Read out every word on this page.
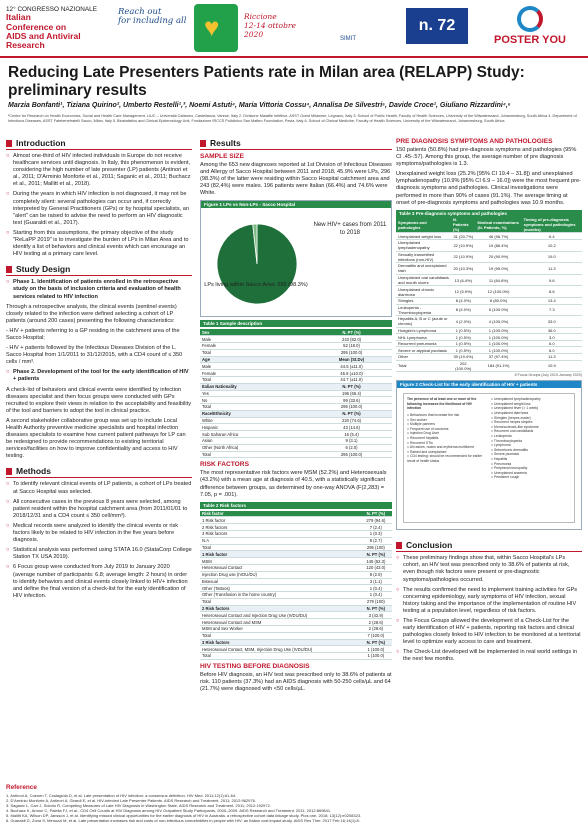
12° CONGRESSO NAZIONALE
Italian
Conference on
AIDS and Antiviral
Research
Reach out
for including all ♥	Riccione
12-14 ottobre
2020	SIMIT
n. 72
POSTER YOU
Reducing Late Presenters Patients rate in Milan area (RELAPP) Study: preliminary results
Marzia Bonfanti¹, Tiziana Quirino², Umberto Restelli¹,³, Noemi Astuti⁴, Maria Vittoria Cossu⁴, Annalisa De Silvestri⁵, Davide Croce¹, Giuliano Rizzardini⁴,⁶
¹Centre for Research on Health Economics, Social and Health Care Management, LIUC – Università Cattaneo, Castellanza, Varese, Italy 2. Divisione Malattie Infettive, ASST Ovest Milanese, Legnano, Italy 3. School of Public Health, Faculty of Health Sciences, University of the Witwatersrand, Johannesburg, South Africa 4. Department of Infectious Diseases, ASST Fatebenefratelli Sacco, Milan, Italy 5. Biostatistics and Clinical Epidemiology Unit, Fondazione IRCCS Policlinico San Matteo Foundation, Pavia, Italy 6. School of Clinical Medicine, Faculty of Health Sciences, University of the Witwatersrand, Johannesburg, South Africa
Introduction
○ Almost one-third of HIV infected individuals in Europe do not receive healthcare services until diagnosis. In Italy, this phenomenon is evident, considering the high number of late presenter (LP) patients (Antinori et al., 2011; D'Arminio Monforte et al., 2011; Saganic et al., 2011; Buchacz et al., 2011; Mallitt et al., 2018).
○ During the years in which HIV infection is not diagnosed, it may not be completely silent: several pathologies can occur and, if correctly interpreted by General Practitioners (GPs) or by hospital specialists, an "alert" can be raised to advise the need to perform an HIV diagnostic test (Guaraldi et al., 2017).
○ Starting from this assumptions, the primary objective of the study "ReLaPP 2019" is to investigate the burden of LPs in Milan Area and to identify a list of behaviors and clinical events which can encourage an HIV testing at a primary care level.
Study Design
○ Phase 1. Identification of patients enrolled in the retrospective study on the basis of inclusion criteria and evaluation of health services related to HIV infection

Through a retrospective analysis, the clinical events (sentinel events) closely related to the infection were defined selecting a cohort of LP patients (around 200 cases) presenting the following characteristics:

- HIV + patients referring to a GP residing in the catchment area of the Sacco Hospital;

- HIV + patients followed by the Infectious Diseases Division of the L. Sacco Hospital from 1/1/2011 to 31/12/2015, with a CD4 count of ≤ 350 cells / mm³.

○ Phase 2. Development of the tool for the early identification of HIV + patients

A check-list of behaviors and clinical events were identified by infection diseases specialist and then focus groups were conducted with GPs recruited to explore their views in relation to the acceptability and feasibility of the tool and barriers to adopt the tool in clinical practice.

A second stakeholder collaborative group was set up to include Local Health Authority preventive medicine specialists and hospital infection diseases specialists to examine how current patient pathways for LP can be redesigned to provide recommendations to existing territorial services/facilities on how to improve confidentiality and access to HIV testing.

Methods
○ To identify relevant clinical events of LP patients, a cohort of LPs treated at Sacco Hospital was selected.
○ All consecutive cases in the previous 8 years were selected, among patient resident within the hospital catchment area (from 2011/01/01 to 2018/12/31 and a CD4 count ≤ 350 cell/mm³).
○ Medical records were analyzed to identify the clinical events or risk factors likely to be related to HIV infection in the five years before diagnosis.
○ Statistical analysis was performed using STATA 16.0 (StataCorp College Station TX USA 2019).
○ 6 Focus group were conducted from July 2019 to January 2020 (average number of participants: 6.8; average length: 2 hours) in order to identify behaviors and clinical events closely linked to HIV+ infection and define the final version of a check-list for the early identification of HIV infection.
Results
SAMPLE SIZE

Among the 653 new diagnoses reported at 1st Division of Infectious Diseases and Allergy of Sacco Hospital between 2011 and 2018, 45.9% were LPs, 296 (98.3%) of the latter were residing within Sacco Hospital catchment area and 243 (82,4%) were males. 196 patients were Italian (66.4%) and 74.6% were White.

Figure 1 LPs vs Non-LPs - Sacco Hospital
New HIV+ cases from 2011 to 2018
LPs living within Sacco Area: 295 (98.3%)
Table 1 Sample description
Sex	N. PT (%)
Male	243 (82.0)
Female	52 (18.0)
Total	295 (100.0)
Age	Mean (St.Dv)
Male	44.5 (±11.0)
Female	45.9 (±10.0)
Total	44.7 (±11.0)
Italian Nationality	N. PT (%)
Yes	196 (66.4)
No	99 (33.6)
Total	295 (100.0)
Race/Ethnicity	N. PT (%)
White	220 (74.6)
Hispanic	43 (14.6)
Sub Saharan Africa	16 (5.4)
Asian	9 (3.1)
Other (North Africa)	6 (2.0)
Total	295 (100.0)
RISK FACTORS

The most representative risk factors were MSM (52.2%) and Heterosexuals (43.2%) with a mean age at diagnosis of 40.5, with a statistically significant difference between groups, as determined by one-way ANOVA (F(2,283) = 7.05, p = .001).

Table 2 Risk factors
Risk factor	N. PT (%)
1 Risk factor	279 (94.6)
2 Risk factors	7 (2.4)
3 Risk factors	1 (0.3)
N.A	8 (2.7)
Total	295 (100)
1 Risk factor	N. PT (%)
MSM	146 (52.3)
Heterosexual Contact	120 (43.0)
Injection Drug use (IVDU/DU)	8 (2.9)
Bisexual	3 (1.1)
Other (Tattoos)	1 (0.4)
Other (Transfusion in the home country)	1 (0.4)
Total	279 (100)
2 Risk factors	N. PT (%)
Heterosexual Contact and Injection Drug Use (IVDU/DU)	3 (42.9)
Heterosexual Contact and MSM	2 (28.6)
MSM and Sex Worker	2 (28.6)
Total	7 (100.0)
3 Risk factors	N. PT (%)
Heterosexual Contact, MSM, Injection Drug Use (IVDU/DU)	1 (100.0)
Total	1 (100.0)
HIV TESTING BEFORE DIAGNOSIS

Before HIV diagnosis, an HIV test was prescribed only to 38.6% of patients at risk. 110 patients (37.3%) had an AIDS diagnosis with 50-250 cells/µL and 64 (21.7%) were diagnosed with <50 cells/µL.

PRE DIAGNOSIS SYMPTOMS AND PATHOLOGIES

150 patients (50.8%) had pre-diagnosis symptoms and pathologies (95% CI .45-.57). Among this group, the average number of pre diagnosis symptoms/pathologies is 1.3.

Unexplained weight loss (25.2% [95% CI 19.4 – 31.8]) and unexplained lymphadenopathy (10.9% [95% CI 6.9 – 16.0]) were the most frequent pre-diagnosis symptoms and pathologies. Clinical investigations were performed in more than 90% of cases (91.1%). The average timing at onset of pre-diagnosis symptoms and pathologies was 10.9 months.

Table 3 Pre-diagnosis symptoms and pathologies
Symptoms and pathologies	N. Patients (%)	Medical examinations (N. Patients, %)	Timing of pre-diagnosis symptoms and pathologies (months)
Unexplained weight loss	31 (20.7%)	46 (96.7%)	6.4
Unexplained lymphadenopathy	22 (10.9%)	19 (86.4%)	10.2
Sexually transmitted infections (non-HIV)	22 (10.9%)	20 (90.9%)	19.0
Dermatitis and unexplained rash	20 (10.3%)	19 (95.0%)	11.3
Unexplained oral candidiasis and mouth ulcers	13 (6.4%)	11 (84.6%)	9.6
Unexplained chronic diarrhoea	12 (5.9%)	12 (100.0%)	8.6
Shingles	8 (4.0%)	8 (80.0%)	13.4
Leukopenia - Thrombocytopenia	8 (4.0%)	6 (100.0%)	7.3
Hepatitis A, B or C (acute or chronic)	4 (2.0%)	4 (100.0%)	33.0
Hodgkin's Lymphoma	1 (0.5%)	1 (100.0%)	36.0
NHL Lymphoma	1 (0.5%)	1 (100.0%)	3.0
Recurrent pneumonia	1 (0.5%)	1 (100.0%)	6.0
Severe or atypical psoriasis	1 (0.5%)	1 (100.0%)	6.0
Other	39 (19.4%)	37 (97.4%)	11.3
Total	202 (100.0%)	184 (91.1%)	10.9
8 Focus Groups (July 2019-January 2020)
Figure 2 Check-List for the early identification of HIV + patients
The presence of at least one or more of the following increases the likelihood of HIV infection
□ Behaviours that increase the risk
□ Sex worker
□ Multiple partners
□ Frequent use of condoms
□ Injection Drug User
□ Recurrent hepatitis
□ Recurrent STIs
□ All rashes, nodes and erythema multiforme
□ Raised and unexplained
□ CD4 testing: should be recommended for earlier result of health status
□ Unexplained lymphadenopathy
□ Unexplained weight loss
□ Unexplained fever (> 1 week)
□ Unexplained diarrhoea
□ Shingles (herpes zoster)
□ Recurrent herpes simplex
□ Mononucleosis-like syndrome
□ Recurrent oral candidiasis
□ Leukopenia
□ Thrombocytopenia
□ Lymphoma
□ Seborrhoeic dermatitis
□ Severe psoriasis
□ Hepatitis
□ Pneumonia
□ Peripheral neuropathy
□ Unexplained anaemia
□ Persistent cough
Conclusion
○ These preliminary findings show that, within Sacco Hospital's LPs cohort, an HIV test was prescribed only to 38.6% of patients at risk, even though risk factors were present or pre-diagnostic symptoms/pathologies occurred.
○ The results confirmed the need to implement training activities for GPs concerning epidemiology, early symptoms of HIV infection, sexual history taking and the importance of the implementation of routine HIV testing at a population level, regardless of risk factors.
○ The Focus Groups allowed the development of a Check-List for the early identification of HIV + patients, reporting risk factors and clinical pathologies closely linked to HIV infection to be monitored at a territorial level to optimize early access to care and treatment.
○ The Check-List developed will be implemented in real world settings in the next few months.
Reference
1. Antinori A, Coenen T, Costagiola D, et al. Late presentation of HIV infection: a consensus definition. HIV Med. 2011;12(1):61-64.
2. D'Arminio Monforte A, Antinori A, Girardi E, et al. HIV-infected Late Presenter Patients. AIDS Research and Treatment. 2011; 2012:962976.
3. Saganic L, Carr J, Solorio R, Competing Measures of Late HIV Diagnosis in Washington State, AIDS Research and Treatment. 2011; 2012:192972.
4. Buchacz K, Armon C, Palella FJ, et al., CD4 Cell Counts at HIV Diagnosis among HIV Outpatient Study Participants, 2000–2009. AIDS Research and Treatment. 2011; 2012:869841.
5. Mallitt KA, Wilson DP, Jansson J, et al. Identifying missed clinical opportunities for the earlier diagnosis of HIV in Australia, a retrospective cohort data linkage study. Plos one, 2018; 13(12):e0208323.
6. Guaraldi G, Zona S, Menozzi M, et al. Late presentation increases risk and costs of non-infectious comorbidities in people with HIV: an Italian cost impact study. AIDS Res Ther. 2017 Feb 16;14(1):8.
